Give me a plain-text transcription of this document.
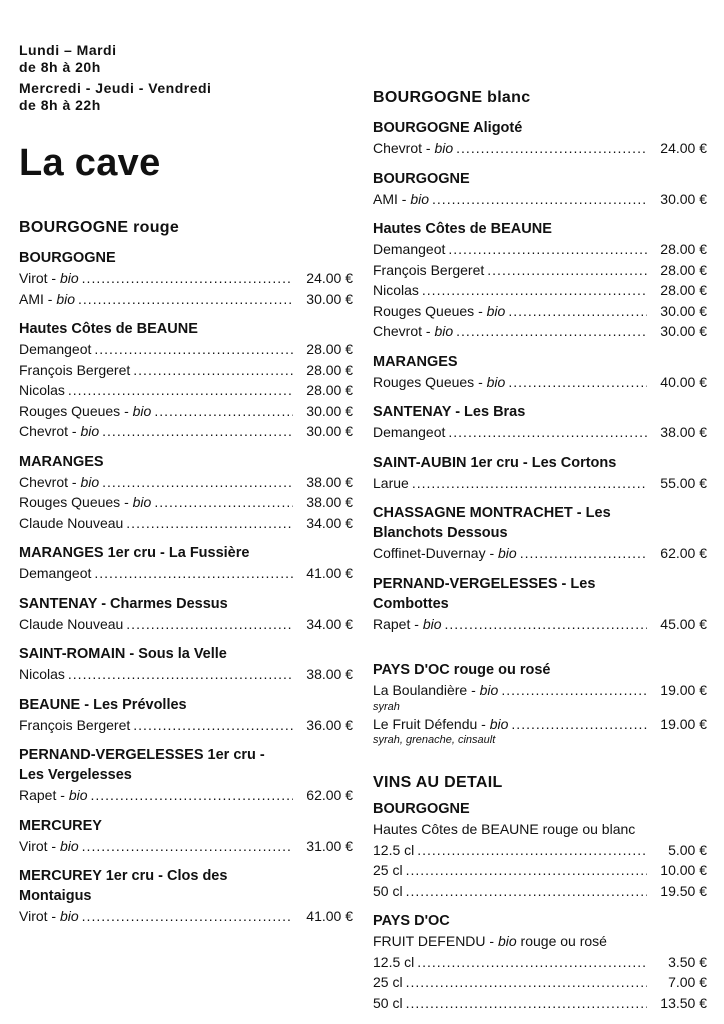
Lundi – Mardi
de 8h à 20h
Mercredi - Jeudi - Vendredi
de 8h à 22h
La cave
BOURGOGNE rouge
BOURGOGNE
Virot - bio .....	24.00 €
AMI - bio .....	30.00 €
Hautes Côtes de BEAUNE
Demangeot .....	28.00 €
François Bergeret .....	28.00 €
Nicolas .....	28.00 €
Rouges Queues - bio .....	30.00 €
Chevrot - bio .....	30.00 €
MARANGES
Chevrot - bio .....	38.00 €
Rouges Queues - bio .....	38.00 €
Claude Nouveau .....	34.00 €
MARANGES 1er cru - La Fussière
Demangeot .....	41.00 €
SANTENAY - Charmes Dessus
Claude Nouveau .....	34.00 €
SAINT-ROMAIN - Sous la Velle
Nicolas .....	38.00 €
BEAUNE - Les Prévolles
François Bergeret .....	36.00 €
PERNAND-VERGELESSES 1er cru - Les Vergelesses
Rapet - bio .....	62.00 €
MERCUREY
Virot - bio .....	31.00 €
MERCUREY 1er cru - Clos des Montaigus
Virot - bio .....	41.00 €
BOURGOGNE blanc
BOURGOGNE Aligoté
Chevrot - bio .....	24.00 €
BOURGOGNE
AMI - bio .....	30.00 €
Hautes Côtes de BEAUNE
Demangeot .....	28.00 €
François Bergeret .....	28.00 €
Nicolas .....	28.00 €
Rouges Queues - bio .....	30.00 €
Chevrot - bio .....	30.00 €
MARANGES
Rouges Queues - bio .....	40.00 €
SANTENAY - Les Bras
Demangeot .....	38.00 €
SAINT-AUBIN 1er cru - Les Cortons
Larue .....	55.00 €
CHASSAGNE MONTRACHET - Les Blanchots Dessous
Coffinet-Duvernay - bio .....	62.00 €
PERNAND-VERGELESSES - Les Combottes
Rapet - bio .....	45.00 €
PAYS D'OC rouge ou rosé
La Boulandière - bio .....	19.00 €
syrah
Le Fruit Défendu - bio .....	19.00 €
syrah, grenache, cinsault
VINS AU DETAIL
BOURGOGNE
Hautes Côtes de BEAUNE rouge ou blanc
12.5 cl .....	5.00 €
25 cl .....	10.00 €
50 cl .....	19.50 €
PAYS D'OC
FRUIT DEFENDU - bio rouge ou rosé
12.5 cl .....	3.50 €
25 cl .....	7.00 €
50 cl .....	13.50 €
